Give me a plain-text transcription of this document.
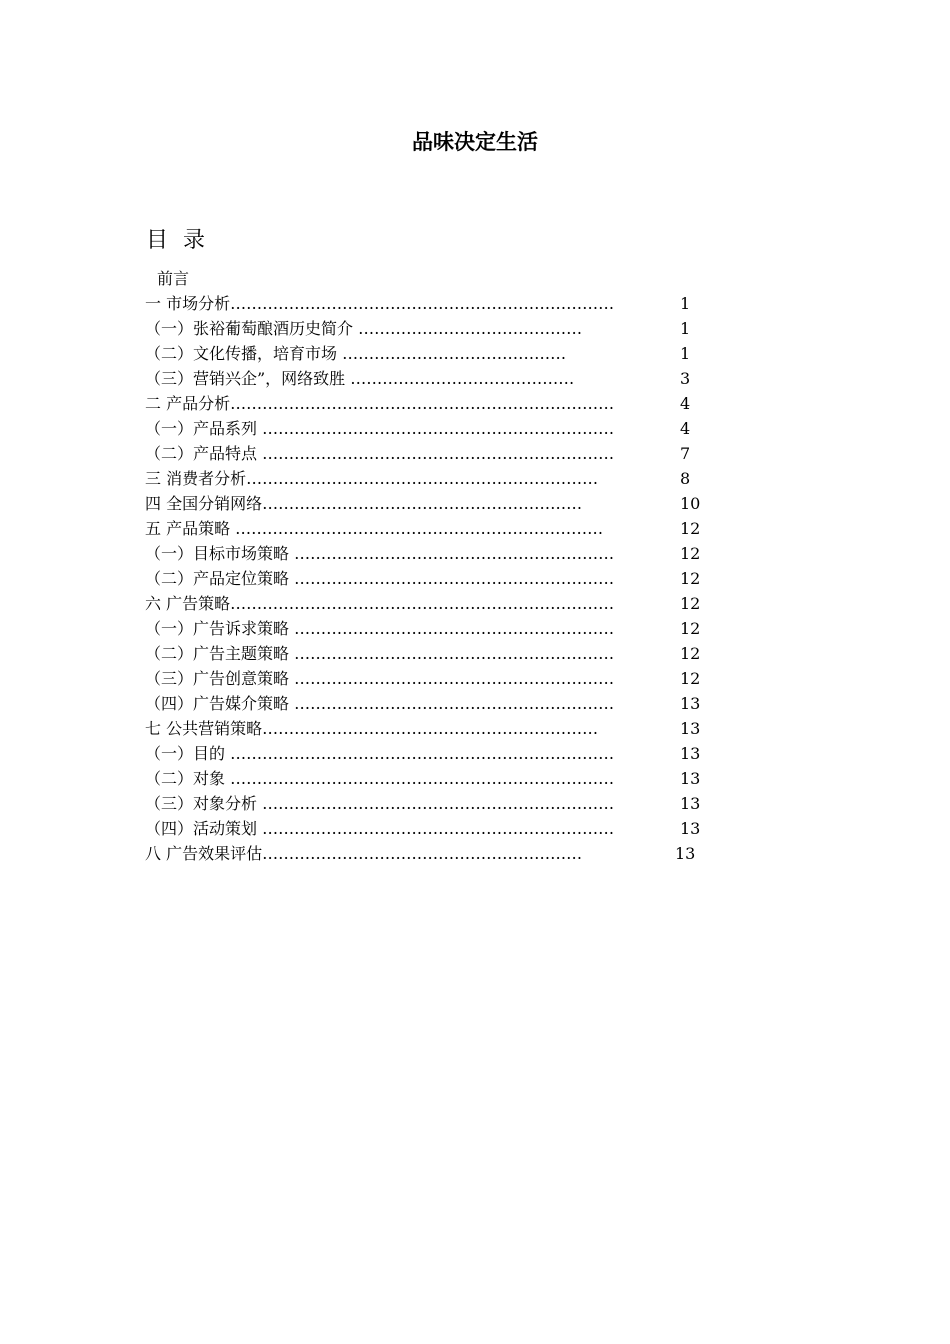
品味决定生活
目 录
前言
一 市场分析………………………………………………………………	1
（一）张裕葡萄酿酒历史简介 ……………………………………	1
（二）文化传播，培育市场 ……………………………………	1
（三）营销兴企”，网络致胜 ……………………………………	3
二 产品分析………………………………………………………………	4
（一）产品系列 …………………………………………………………	4
（二）产品特点 …………………………………………………………	7
三 消费者分析…………………………………………………………	8
四 全国分销网络……………………………………………………	10
五 产品策略 ……………………………………………………………	12
（一）目标市场策略 ……………………………………………………	12
（二）产品定位策略 ……………………………………………………	12
六 广告策略………………………………………………………………	12
（一）广告诉求策略 ……………………………………………………	12
（二）广告主题策略 ……………………………………………………	12
（三）广告创意策略 ……………………………………………………	12
（四）广告媒介策略 ……………………………………………………	13
七 公共营销策略………………………………………………………	13
（一）目的 ………………………………………………………………	13
（二）对象 ………………………………………………………………	13
（三）对象分析 …………………………………………………………	13
（四）活动策划 …………………………………………………………	13
八 广告效果评估……………………………………………………	13
